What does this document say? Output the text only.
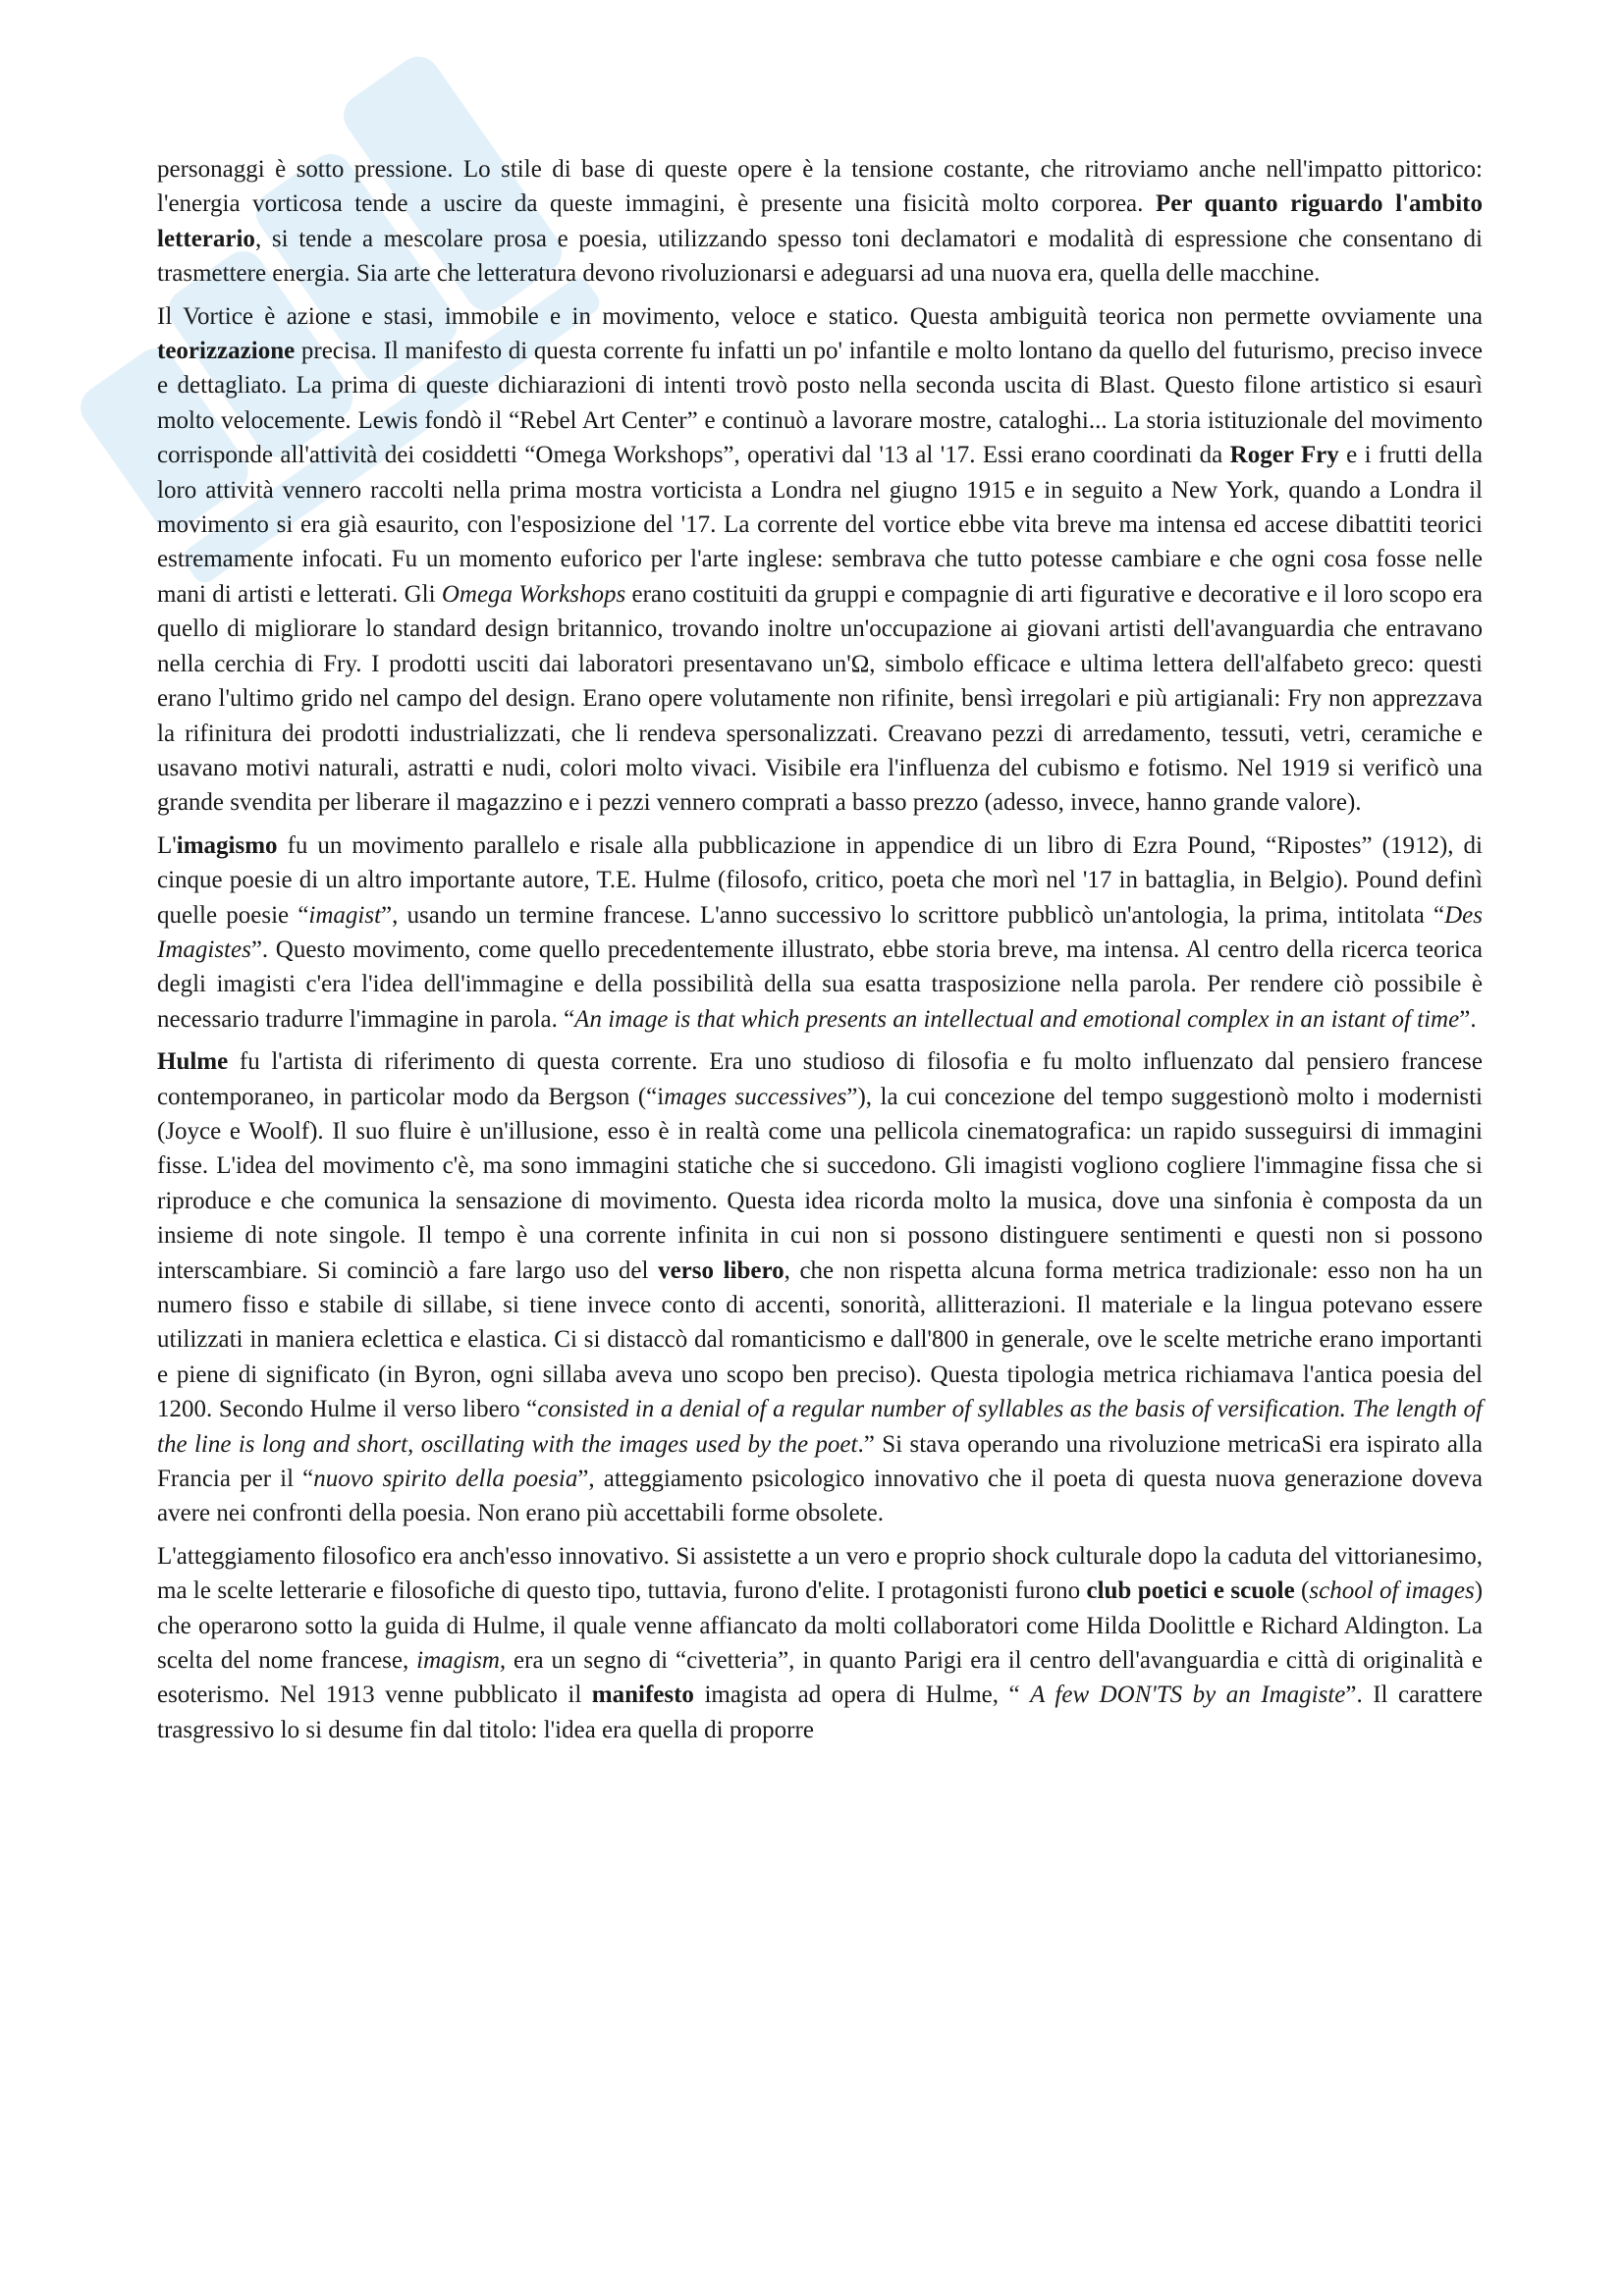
personaggi è sotto pressione. Lo stile di base di queste opere è la tensione costante, che ritroviamo anche nell'impatto pittorico: l'energia vorticosa tende a uscire da queste immagini, è presente una fisicità molto corporea. Per quanto riguardo l'ambito letterario, si tende a mescolare prosa e poesia, utilizzando spesso toni declamatori e modalità di espressione che consentano di trasmettere energia. Sia arte che letteratura devono rivoluzionarsi e adeguarsi ad una nuova era, quella delle macchine.

Il Vortice è azione e stasi, immobile e in movimento, veloce e statico. Questa ambiguità teorica non permette ovviamente una teorizzazione precisa. Il manifesto di questa corrente fu infatti un po' infantile e molto lontano da quello del futurismo, preciso invece e dettagliato. La prima di queste dichiarazioni di intenti trovò posto nella seconda uscita di Blast. Questo filone artistico si esaurì molto velocemente. Lewis fondò il “Rebel Art Center” e continuò a lavorare mostre, cataloghi... La storia istituzionale del movimento corrisponde all'attività dei cosiddetti “Omega Workshops”, operativi dal '13 al '17. Essi erano coordinati da Roger Fry e i frutti della loro attività vennero raccolti nella prima mostra vorticista a Londra nel giugno 1915 e in seguito a New York, quando a Londra il movimento si era già esaurito, con l'esposizione del '17. La corrente del vortice ebbe vita breve ma intensa ed accese dibattiti teorici estremamente infocati. Fu un momento euforico per l'arte inglese: sembrava che tutto potesse cambiare e che ogni cosa fosse nelle mani di artisti e letterati. Gli Omega Workshops erano costituiti da gruppi e compagnie di arti figurative e decorative e il loro scopo era quello di migliorare lo standard design britannico, trovando inoltre un'occupazione ai giovani artisti dell'avanguardia che entravano nella cerchia di Fry. I prodotti usciti dai laboratori presentavano un'Ω, simbolo efficace e ultima lettera dell'alfabeto greco: questi erano l'ultimo grido nel campo del design. Erano opere volutamente non rifinite, bensì irregolari e più artigianali: Fry non apprezzava la rifinitura dei prodotti industrializzati, che li rendeva spersonalizzati. Creavano pezzi di arredamento, tessuti, vetri, ceramiche e usavano motivi naturali, astratti e nudi, colori molto vivaci. Visibile era l'influenza del cubismo e fotismo. Nel 1919 si verificò una grande svendita per liberare il magazzino e i pezzi vennero comprati a basso prezzo (adesso, invece, hanno grande valore).

L'imagismo fu un movimento parallelo e risale alla pubblicazione in appendice di un libro di Ezra Pound, “Ripostes” (1912), di cinque poesie di un altro importante autore, T.E. Hulme (filosofo, critico, poeta che morì nel '17 in battaglia, in Belgio). Pound definì quelle poesie “imagist”, usando un termine francese. L'anno successivo lo scrittore pubblicò un'antologia, la prima, intitolata “Des Imagistes”. Questo movimento, come quello precedentemente illustrato, ebbe storia breve, ma intensa. Al centro della ricerca teorica degli imagisti c'era l'idea dell'immagine e della possibilità della sua esatta trasposizione nella parola. Per rendere ciò possibile è necessario tradurre l'immagine in parola. “An image is that which presents an intellectual and emotional complex in an istant of time”.

Hulme fu l'artista di riferimento di questa corrente. Era uno studioso di filosofia e fu molto influenzato dal pensiero francese contemporaneo, in particolar modo da Bergson (“images successives”), la cui concezione del tempo suggestionò molto i modernisti (Joyce e Woolf). Il suo fluire è un'illusione, esso è in realtà come una pellicola cinematografica: un rapido susseguirsi di immagini fisse. L'idea del movimento c'è, ma sono immagini statiche che si succedono. Gli imagisti vogliono cogliere l'immagine fissa che si riproduce e che comunica la sensazione di movimento. Questa idea ricorda molto la musica, dove una sinfonia è composta da un insieme di note singole. Il tempo è una corrente infinita in cui non si possono distinguere sentimenti e questi non si possono interscambiare. Si cominciò a fare largo uso del verso libero, che non rispetta alcuna forma metrica tradizionale: esso non ha un numero fisso e stabile di sillabe, si tiene invece conto di accenti, sonorità, allitterazioni. Il materiale e la lingua potevano essere utilizzati in maniera eclettica e elastica. Ci si distaccò dal romanticismo e dall'800 in generale, ove le scelte metriche erano importanti e piene di significato (in Byron, ogni sillaba aveva uno scopo ben preciso). Questa tipologia metrica richiamava l'antica poesia del 1200. Secondo Hulme il verso libero “consisted in a denial of a regular number of syllables as the basis of versification. The length of the line is long and short, oscillating with the images used by the poet.” Si stava operando una rivoluzione metricaSi era ispirato alla Francia per il “nuovo spirito della poesia”, atteggiamento psicologico innovativo che il poeta di questa nuova generazione doveva avere nei confronti della poesia. Non erano più accettabili forme obsolete.

L'atteggiamento filosofico era anch'esso innovativo. Si assistette a un vero e proprio shock culturale dopo la caduta del vittorianesimo, ma le scelte letterarie e filosofiche di questo tipo, tuttavia, furono d'elite. I protagonisti furono club poetici e scuole (school of images) che operarono sotto la guida di Hulme, il quale venne affiancato da molti collaboratori come Hilda Doolittle e Richard Aldington. La scelta del nome francese, imagism, era un segno di “civetteria”, in quanto Parigi era il centro dell'avanguardia e città di originalità e esoterismo. Nel 1913 venne pubblicato il manifesto imagista ad opera di Hulme, “ A few DON'TS by an Imagiste”. Il carattere trasgressivo lo si desume fin dal titolo: l'idea era quella di proporre
